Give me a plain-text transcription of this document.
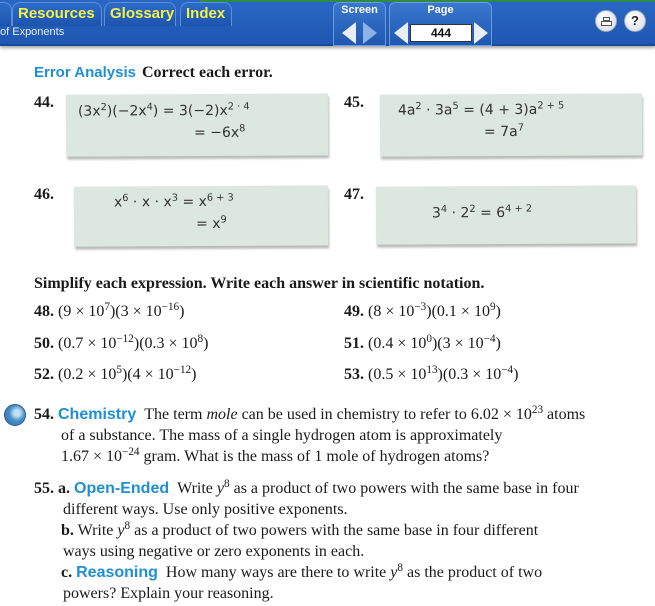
Resources	Glossary Index
of Exponents
Screen	Page
444
?
Error Analysis Correct each error.
44.
$(3x^2)(-2x^4) = 3(-2)x^{2 \cdot 4}$
= $-6x^8$
45. $4a^2 \cdot 3a^5 = (4 + 3)a^{2 + 5}$
= $7a^7$
46.	$x^6 \cdot x \cdot x^3 = x^{6 + 3}$
= $x^9$
47.
$3^4 \cdot 2^2 = 6^{4 + 2}$
Simplify each expression. Write each answer in scientific notation.
48. $(9 \times 10^7)(3 \times 10^{-16})$	49. $(8 \times 10^{-3})(0.1 \times 10^9)$
50. $(0.7 \times 10^{-12})(0.3 \times 10^8)$	51. $(0.4 \times 10^0)(3 \times 10^{-4})$
52. $(0.2 \times 10^5)(4 \times 10^{-12})$	53. $(0.5 \times 10^{13})(0.3 \times 10^{-4})$
54. Chemistry  The term mole can be used in chemistry to refer to $6.02 \times 10^{23}$ atoms
of a substance. The mass of a single hydrogen atom is approximately
$1.67 \times 10^{-24}$ gram. What is the mass of 1 mole of hydrogen atoms?
55. a. Open-Ended  Write $y^8$ as a product of two powers with the same base in four
different ways. Use only positive exponents.
b. Write $y^8$ as a product of two powers with the same base in four different
ways using negative or zero exponents in each.
c. Reasoning  How many ways are there to write $y^8$ as the product of two
powers? Explain your reasoning.
